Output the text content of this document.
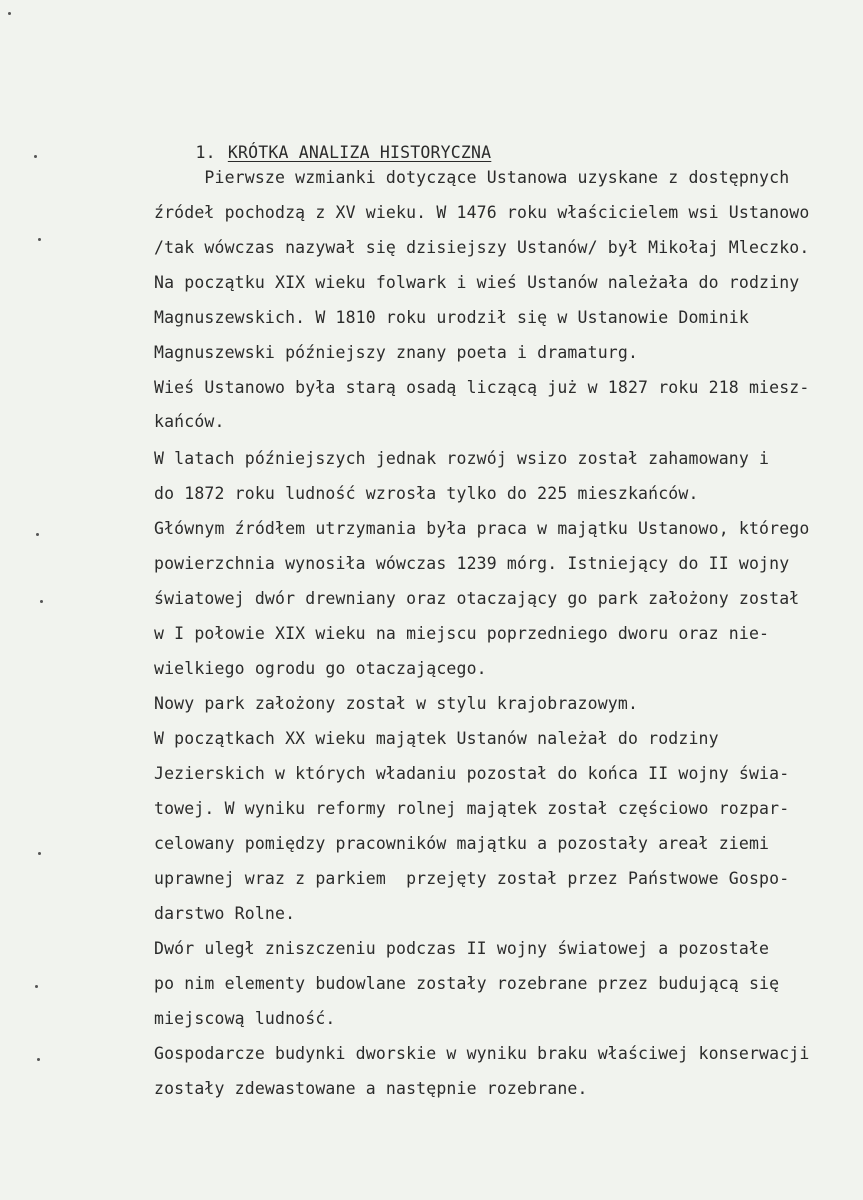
1. KRÓTKA ANALIZA HISTORYCZNA

Pierwsze wzmianki dotyczące Ustanowa uzyskane z dostępnych
źródeł pochodzą z XV wieku. W 1476 roku właścicielem wsi Ustanowo
/tak wówczas nazywał się dzisiejszy Ustanów/ był Mikołaj Mleczko.
Na początku XIX wieku folwark i wieś Ustanów należała do rodziny
Magnuszewskich. W 1810 roku urodził się w Ustanowie Dominik
Magnuszewski późniejszy znany poeta i dramaturg.
Wieś Ustanowo była starą osadą liczącą już w 1827 roku 218 miesz-
kańców.
W latach późniejszych jednak rozwój wsizo został zahamowany i
do 1872 roku ludność wzrosła tylko do 225 mieszkańców.
Głównym źródłem utrzymania była praca w majątku Ustanowo, którego
powierzchnia wynosiła wówczas 1239 mórg. Istniejący do II wojny
światowej dwór drewniany oraz otaczający go park założony został
w I połowie XIX wieku na miejscu poprzedniego dworu oraz nie-
wielkiego ogrodu go otaczającego.
Nowy park założony został w stylu krajobrazowym.
W początkach XX wieku majątek Ustanów należał do rodziny
Jezierskich w których władaniu pozostał do końca II wojny świa-
towej. W wyniku reformy rolnej majątek został częściowo rozpar-
celowany pomiędzy pracowników majątku a pozostały areał ziemi
uprawnej wraz z parkiem  przejęty został przez Państwowe Gospo-
darstwo Rolne.
Dwór uległ zniszczeniu podczas II wojny światowej a pozostałe
po nim elementy budowlane zostały rozebrane przez budującą się
miejscową ludność.
Gospodarcze budynki dworskie w wyniku braku właściwej konserwacji
zostały zdewastowane a następnie rozebrane.
